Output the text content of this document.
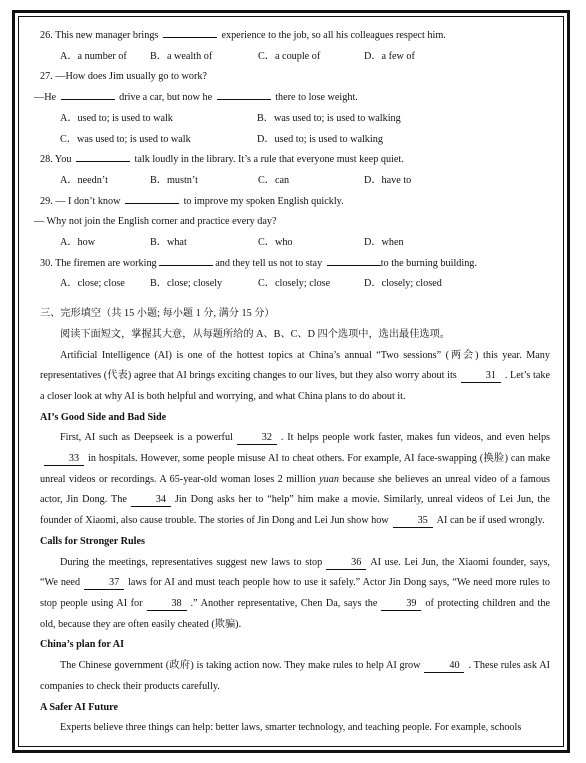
26. This new manager brings	experience to the job, so all his colleagues respect him.
A．a number of	B．a wealth of	C．a couple of	D．a few of
27. —How does Jim usually go to work?
—He	drive a car, but now he	there to lose weight.
A．used to; is used to walk	B．was used to; is used to walking
C．was used to; is used to walk	D．used to; is used to walking
28. You	talk loudly in the library. It’s a rule that everyone must keep quiet.
A．needn’t	B．mustn’t	C．can	D．have to
29. — I don’t know	to improve my spoken English quickly.
— Why not join the English corner and practice every day?
A．how	B．what	C．who	D．when
30. The firemen are working	and they tell us not to stay	to the burning building.
A．close; close	B．close; closely	C．closely; close	D．closely; closed
三、完形填空（共 15 小题; 每小题 1 分, 满分 15 分）
阅读下面短文，掌握其大意，从每题所给的 A、B、C、D 四个选项中，选出最佳选项。
Artificial Intelligence (AI) is one of the hottest topics at China’s annual “Two sessions” (两会) this year. Many representatives (代表) agree that AI brings exciting changes to our lives, but they also worry about its	31 . Let’s take a closer look at why AI is both helpful and worrying, and what China plans to do about it.
AI’s Good Side and Bad Side
First, AI such as Deepseek is a powerful	32 . It helps people work faster, makes fun videos, and even helps33 in hospitals. However, some people misuse AI to cheat others. For example, AI face-swapping (换脸) can make unreal videos or recordings. A 65-year-old woman loses 2 million yuan because she believes an unreal video of a famous actor, Jin Dong. The	34 Jin Dong asks her to “help” him make a movie. Similarly, unreal videos of Lei Jun, the founder of Xiaomi, also cause trouble. The stories of Jin Dong and Lei Jun show how	35 AI can be if used wrongly.
Calls for Stronger Rules
During the meetings, representatives suggest new laws to stop	36 AI use. Lei Jun, the Xiaomi founder, says, “We need	37 laws for AI and must teach people how to use it safely.” Actor Jin Dong says, “We need more rules to stop people using AI for	38 .” Another representative, Chen Da, says the	39 of protecting children and the old, because they are often easily cheated (欺骗).
China’s plan for AI
The Chinese government (政府) is taking action now. They make rules to help AI grow	40 . These rules ask AI companies to check their products carefully.
A Safer AI Future
Experts believe three things can help: better laws, smarter technology, and teaching people. For example, schools
